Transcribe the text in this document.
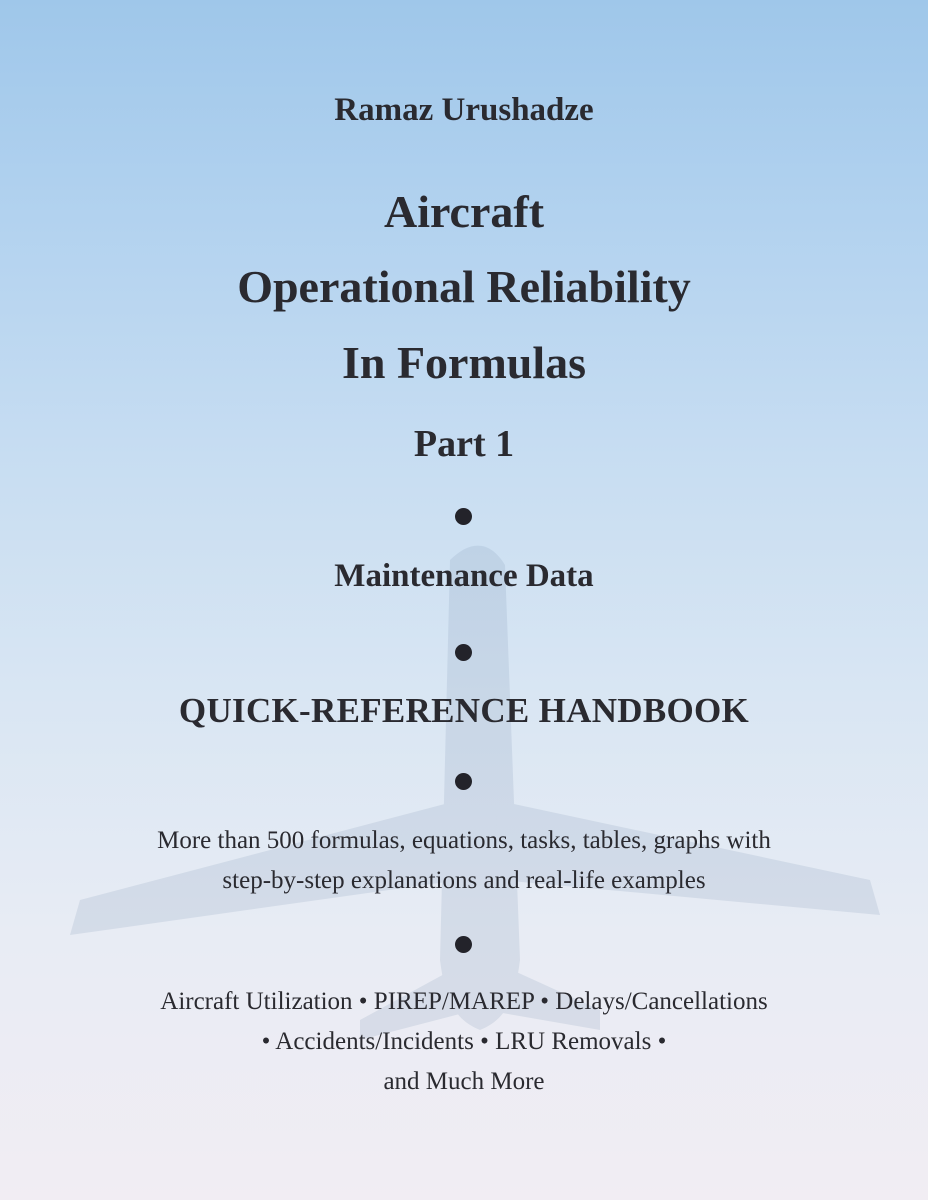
Ramaz Urushadze
Aircraft
Operational Reliability
In Formulas
Part 1
Maintenance Data
QUICK-REFERENCE HANDBOOK
More than 500 formulas, equations, tasks, tables, graphs with
step-by-step explanations and real-life examples
Aircraft Utilization • PIREP/MAREP • Delays/Cancellations
• Accidents/Incidents • LRU Removals •
and Much More
